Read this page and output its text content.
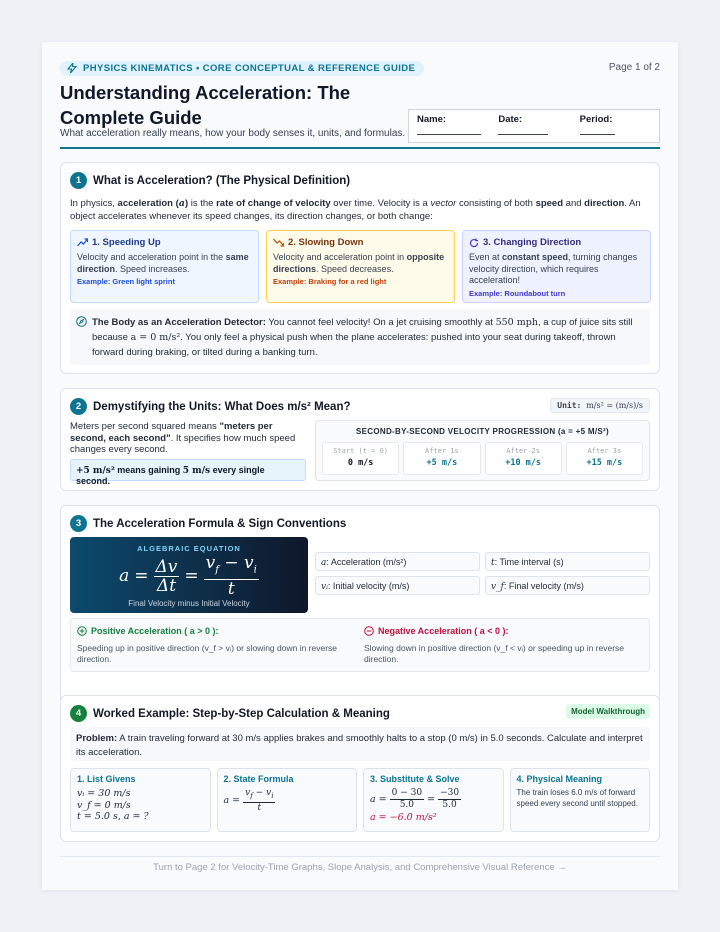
PHYSICS KINEMATICS • CORE CONCEPTUAL & REFERENCE GUIDE	Page 1 of 2
Understanding Acceleration: The Complete Guide
What acceleration really means, how your body senses it, units, and formulas.
Name:	Date:	Period:
1	What is Acceleration? (The Physical Definition)
In physics, acceleration (a) is the rate of change of velocity over time. Velocity is a vector consisting of both speed and direction. An object accelerates whenever its speed changes, its direction changes, or both change:
1. Speeding Up
Velocity and acceleration point in the same direction. Speed increases.
Example: Green light sprint
2. Slowing Down
Velocity and acceleration point in opposite directions. Speed decreases.
Example: Braking for a red light
3. Changing Direction
Even at constant speed, turning changes velocity direction, which requires acceleration!
Example: Roundabout turn
The Body as an Acceleration Detector: You cannot feel velocity! On a jet cruising smoothly at 550 mph, a cup of juice sits still because a = 0 m/s². You only feel a physical push when the plane accelerates: pushed into your seat during takeoff, thrown forward during braking, or tilted during a banking turn.
2	Demystifying the Units: What Does m/s² Mean?	Unit: m/s² = (m/s)/s
Meters per second squared means "meters per second, each second". It specifies how much speed changes every second.
+5 m/s² means gaining 5 m/s every single second.
SECOND-BY-SECOND VELOCITY PROGRESSION (a = +5 M/S²)
Start (t = 0)
0 m/s
After 1s
+5 m/s
After 2s
+10 m/s
After 3s
+15 m/s
3	The Acceleration Formula & Sign Conventions
ALGEBRAIC EQUATION
$a = \frac{\Delta v}{\Delta t} = \frac{v_f - v_i}{t}$
Final Velocity minus Initial Velocity
a: Acceleration (m/s²)	t: Time interval (s)
vᵢ: Initial velocity (m/s)	v_f: Final velocity (m/s)
Positive Acceleration ( a > 0 ):
Speeding up in positive direction (v_f > vᵢ) or slowing down in reverse direction.
Negative Acceleration ( a < 0 ):
Slowing down in positive direction (v_f < vᵢ) or speeding up in reverse direction.
4	Worked Example: Step-by-Step Calculation & Meaning	Model Walkthrough
Problem: A train traveling forward at 30 m/s applies brakes and smoothly halts to a stop (0 m/s) in 5.0 seconds. Calculate and interpret its acceleration.
1. List Givens
vᵢ = 30 m/s
v_f = 0 m/s
t = 5.0 s, a = ?
2. State Formula
$a = \frac{v_f - v_i}{t}$
3. Substitute & Solve
$a = \frac{0 - 30}{5.0} = \frac{-30}{5.0}$
a = −6.0 m/s²
4. Physical Meaning
The train loses 6.0 m/s of forward speed every second until stopped.
Turn to Page 2 for Velocity-Time Graphs, Slope Analysis, and Comprehensive Visual Reference →
